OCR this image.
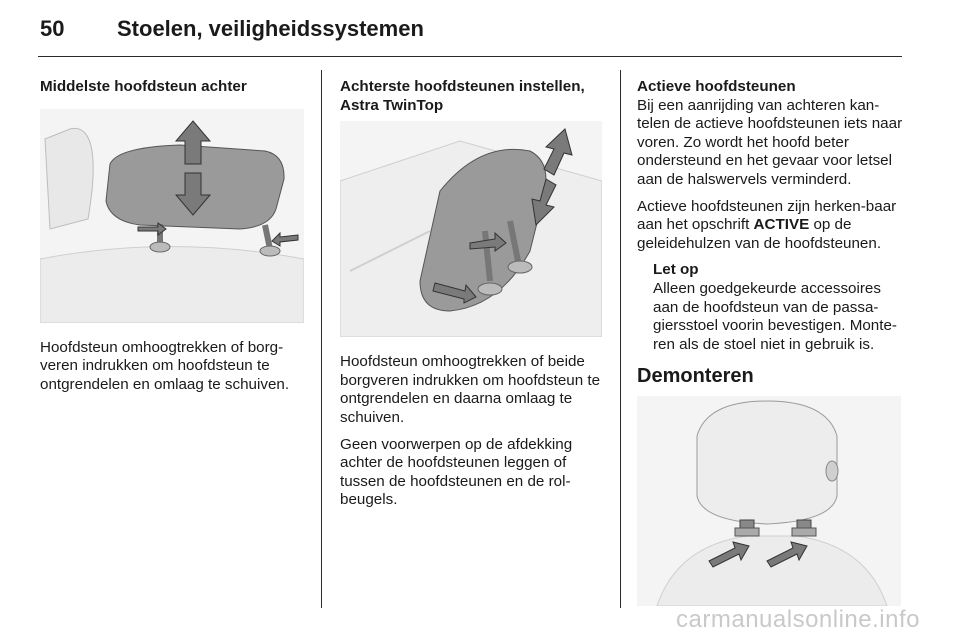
50 Stoelen, veiligheidssystemen
Middelste hoofdsteun achter

Hoofdsteun omhoogtrekken of borg-veren indrukken om hoofdsteun te ontgrendelen en omlaag te schuiven.

Achterste hoofdsteunen instellen, Astra TwinTop

Hoofdsteun omhoogtrekken of beide borgveren indrukken om hoofdsteun te ontgrendelen en daarna omlaag te schuiven.

Geen voorwerpen op de afdekking achter de hoofdsteunen leggen of tussen de hoofdsteunen en de rol-beugels.

Actieve hoofdsteunen

Bij een aanrijding van achteren kan-telen de actieve hoofdsteunen iets naar voren. Zo wordt het hoofd beter ondersteund en het gevaar voor letsel aan de halswervels verminderd.

Actieve hoofdsteunen zijn herken-baar aan het opschrift ACTIVE op de geleidehulzen van de hoofdsteunen.

Let op
Alleen goedgekeurde accessoires aan de hoofdsteun van de passa-giersstoel voorin bevestigen. Monte-ren als de stoel niet in gebruik is.
Demonteren
carmanualsonline.info
